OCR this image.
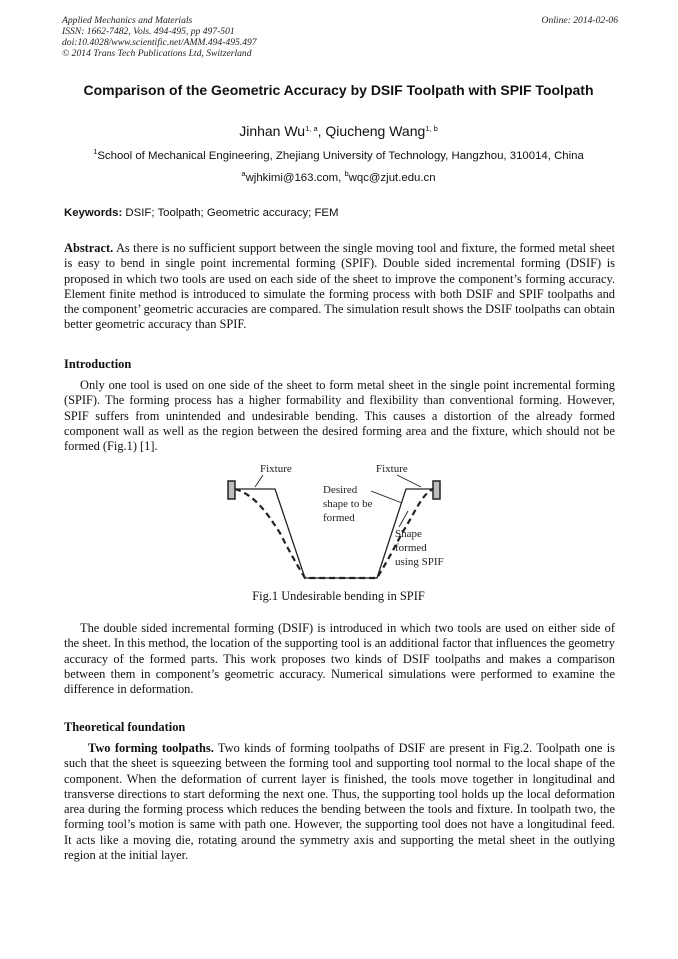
Applied Mechanics and Materials
ISSN: 1662-7482, Vols. 494-495, pp 497-501
doi:10.4028/www.scientific.net/AMM.494-495.497
© 2014 Trans Tech Publications Ltd, Switzerland
Online: 2014-02-06
Comparison of the Geometric Accuracy by DSIF Toolpath with SPIF Toolpath
Jinhan Wu$^{1, a}$, Qiucheng Wang$^{1, b}$
$^1$School of Mechanical Engineering, Zhejiang University of Technology, Hangzhou, 310014, China
$^a$wjhkimi@163.com, $^b$wqc@zjut.edu.cn
Keywords: DSIF; Toolpath; Geometric accuracy; FEM
Abstract. As there is no sufficient support between the single moving tool and fixture, the formed metal sheet is easy to bend in single point incremental forming (SPIF). Double sided incremental forming (DSIF) is proposed in which two tools are used on each side of the sheet to improve the component’s forming accuracy. Element finite method is introduced to simulate the forming process with both DSIF and SPIF toolpaths and the component’ geometric accuracies are compared. The simulation result shows the DSIF toolpaths can obtain better geometric accuracy than SPIF.
Introduction
Only one tool is used on one side of the sheet to form metal sheet in the single point incremental forming (SPIF). The forming process has a higher formability and flexibility than conventional forming. However, SPIF suffers from unintended and undesirable bending. This causes a distortion of the already formed component wall as well as the region between the desired forming area and the fixture, which should not be formed (Fig.1) [1].
Fixture	Fixture
Desired
shape to be
formed
Shape
formed
using SPIF
Fig.1 Undesirable bending in SPIF
The double sided incremental forming (DSIF) is introduced in which two tools are used on either side of the sheet. In this method, the location of the supporting tool is an additional factor that influences the geometry accuracy of the formed parts. This work proposes two kinds of DSIF toolpaths and makes a comparison between them in component’s geometric accuracy. Numerical simulations were performed to examine the difference in deformation.
Theoretical foundation
Two forming toolpaths. Two kinds of forming toolpaths of DSIF are present in Fig.2. Toolpath one is such that the sheet is squeezing between the forming tool and supporting tool normal to the local shape of the component. When the deformation of current layer is finished, the tools move together in longitudinal and transverse directions to start deforming the next one. Thus, the supporting tool holds up the local deformation area during the forming process which reduces the bending between the tools and fixture. In toolpath two, the forming tool’s motion is same with path one. However, the supporting tool does not have a longitudinal feed. It acts like a moving die, rotating around the symmetry axis and supporting the metal sheet in the outlying region at the initial layer.
